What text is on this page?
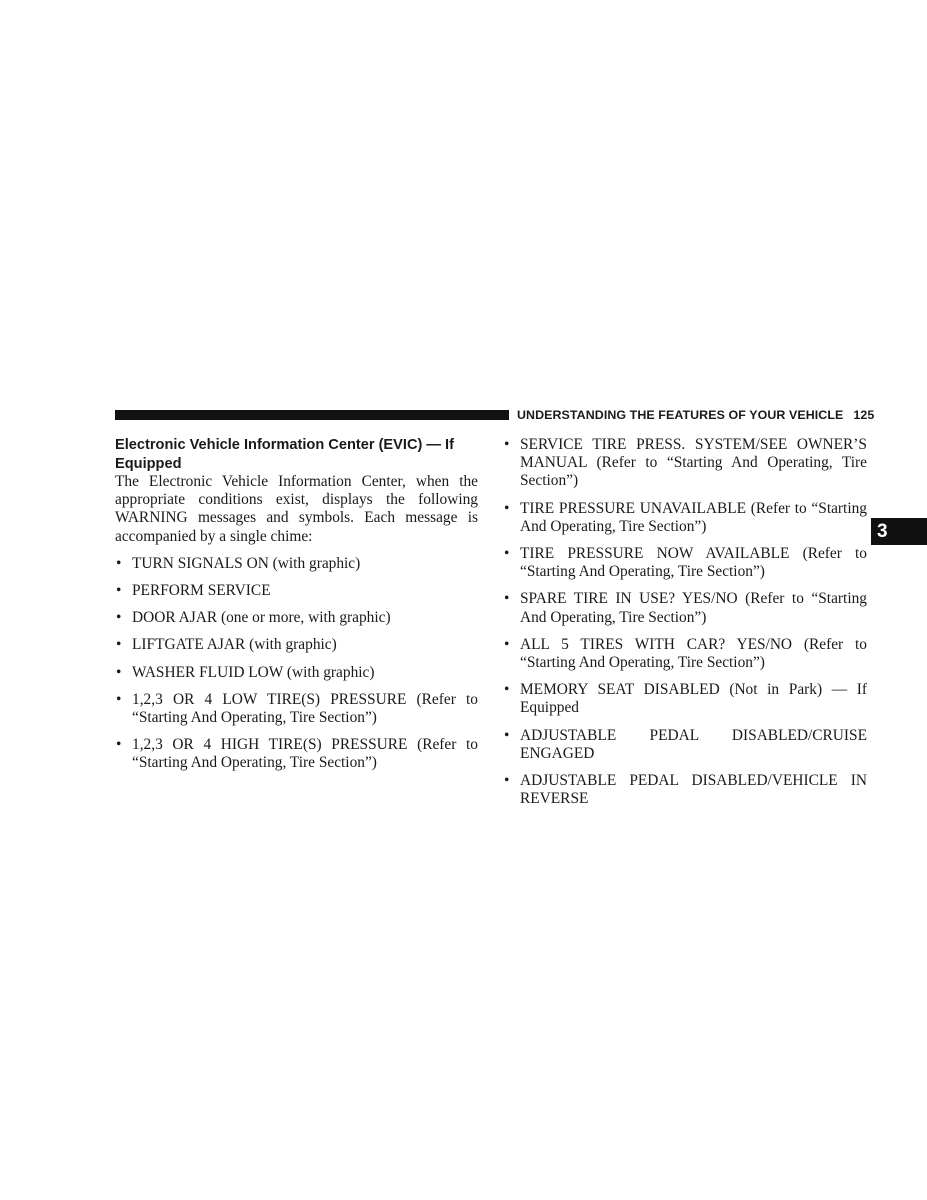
UNDERSTANDING THE FEATURES OF YOUR VEHICLE 125
3
Electronic Vehicle Information Center (EVIC) — If Equipped

The Electronic Vehicle Information Center, when the appropriate conditions exist, displays the following WARNING messages and symbols. Each message is accompanied by a single chime:

• TURN SIGNALS ON (with graphic)
• PERFORM SERVICE
• DOOR AJAR (one or more, with graphic)
• LIFTGATE AJAR (with graphic)
• WASHER FLUID LOW (with graphic)
• 1,2,3 OR 4 LOW TIRE(S) PRESSURE (Refer to “Starting And Operating, Tire Section”)
• 1,2,3 OR 4 HIGH TIRE(S) PRESSURE (Refer to “Starting And Operating, Tire Section”)
• SERVICE TIRE PRESS. SYSTEM/SEE OWNER’S MANUAL (Refer to “Starting And Operating, Tire Section”)
• TIRE PRESSURE UNAVAILABLE (Refer to “Starting And Operating, Tire Section”)
• TIRE PRESSURE NOW AVAILABLE (Refer to “Starting And Operating, Tire Section”)
• SPARE TIRE IN USE? YES/NO (Refer to “Starting And Operating, Tire Section”)
• ALL 5 TIRES WITH CAR? YES/NO (Refer to “Starting And Operating, Tire Section”)
• MEMORY SEAT DISABLED (Not in Park) — If Equipped
• ADJUSTABLE PEDAL DISABLED/CRUISE ENGAGED
• ADJUSTABLE PEDAL DISABLED/VEHICLE IN REVERSE
